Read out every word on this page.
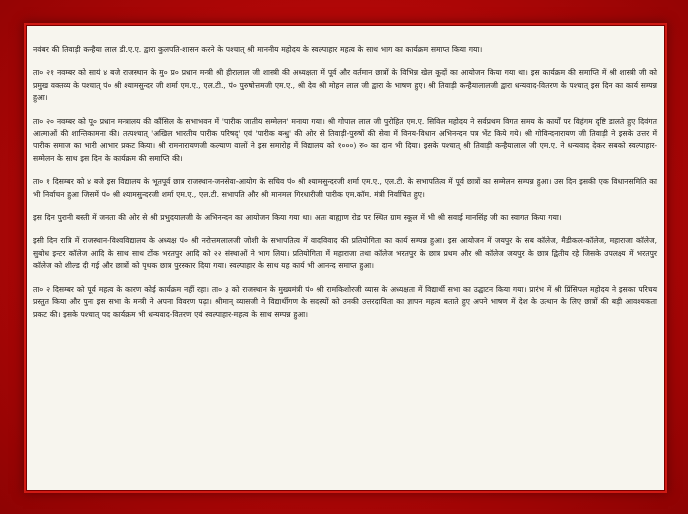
नवंबर की तिवाड़ी कन्हैया लाल डी.ए.ए. द्वारा कुलपति-शासन करने के पश्चात् श्री माननीय महोदय के स्वल्पाहार महत्व के साथ भाग का कार्यक्रम समाप्त किया गया।

ता० २१ नवम्बर को सायं ४ बजे राजस्थान के मु० प्र० प्रधान मन्त्री श्री हीरालाल जी शास्त्री की अध्यक्षता में पूर्व और वर्तमान छात्रों के विभिन्न खेल कूदों का आयोजन किया गया था। इस कार्यक्रम की समाप्ति में श्री शास्त्री जी को प्रमुख वक्तव्य के पश्चात् पं० श्री श्यामसुन्दर जी शर्मा एम.ए., एल.टी., पं० पुरुषोत्तमजी एम.ए., श्री देव श्री मोहन लाल जी द्वारा के भाषण हुए। श्री तिवाड़ी कन्हैयालालजी द्वारा धन्यवाद-वितरण के पश्चात् इस दिन का कार्य सम्पन्न हुआ।

ता० २० नवम्बर को पू० प्रधान मन्त्रालय की कौंसिल के सभाभवन में 'पारीक जातीय सम्मेलन' मनाया गया। श्री गोपाल लाल जी पुरोहित एम.ए. सिविल महोदय ने सर्वप्रथम विगत समय के कार्यों पर विहंगम दृष्टि डालते हुए दिवंगत आत्माओं की शान्तिकामना की। तत्पश्चात् 'अखिल भारतीय पारीक परिषद्' एवं 'पारीक बन्धु' की ओर से तिवाड़ी-पुरुषों की सेवा में विनय-विधान अभिनन्दन पत्र भेंट किये गये। श्री गोविन्दनारायण जी तिवाड़ी ने इसके उत्तर में पारीक समाज का भारी आभार प्रकट किया। श्री रामनारायणजी कल्याण वालों ने इस समारोह में विद्यालय को १०००) रु० का दान भी दिया। इसके पश्चात् श्री तिवाड़ी कन्हैयालाल जी एम.ए. ने धन्यवाद देकर सबको स्वल्पाहार-सम्मेलन के साथ इस दिन के कार्यक्रम की समाप्ति की।

ता० १ दिसम्बर को ४ बजे इस विद्यालय के भूतपूर्व छात्र राजस्थान-जनसेवा-आयोग के सचिव पं० श्री श्यामसुन्दरजी शर्मा एम.ए., एल.टी. के सभापतित्व में पूर्व छात्रों का सम्मेलन सम्पन्न हुआ। उस दिन इसकी एक विधानसमिति का भी निर्वाचन हुआ जिसमें पं० श्री श्यामसुन्दरजी शर्मा एम.ए., एल.टी. सभापति और श्री मानमल गिरधारीजी पारीक एम.कॉम. मंत्री निर्वाचित हुए।

इस दिन पुरानी बस्ती में जनता की ओर से श्री प्रभुदयालजी के अभिनन्दन का आयोजन किया गया था। अतः बाह्याण रोड पर स्थित ग्राम स्कूल में भी श्री सवाई मानसिंह जी का स्वागत किया गया।

इसी दिन रात्रि में राजस्थान-विश्वविद्यालय के अध्यक्ष पं० श्री नरोत्तमलालजी जोशी के सभापतित्व में वादविवाद की प्रतियोगिता का कार्य सम्पन्न हुआ। इस आयोजन में जयपुर के सब कॉलेज, मैडीकल-कॉलेज, महाराजा कॉलेज, सुबोध इन्टर कॉलेज आदि के साथ साथ टोंक भरतपुर आदि को २२ संस्थाओं ने भाग लिया। प्रतियोगिता में महाराजा तथा कॉलेज भरतपुर के छात्र प्रथम और श्री कॉलेज जयपुर के छात्र द्वितीय रहे जिसके उपलक्ष्य में भरतपुर कॉलेज को शील्ड दी गई और छात्रों को पृथक छात्र पुरस्कार दिया गया। स्वल्पाहार के साथ यह कार्य भी आनन्द समाप्त हुआ।

ता० २ दिसम्बर को पूर्व महत्व के कारण कोई कार्यक्रम नहीं रहा। ता० ३ को राजस्थान के मुख्यमंत्री पं० श्री रामकिशोरजी व्यास के अध्यक्षता में विद्यार्थी सभा का उद्घाटन किया गया। प्रारंभ में श्री प्रिंसिपल महोदय ने इसका परिचय प्रस्तुत किया और पुनः इस सभा के मन्त्री ने अपना विवरण पढ़ा। श्रीमान् व्यासजी ने विद्यार्थीगण के सदस्यों को उनकी उत्तरदायिता का ज्ञापन महत्व बताते हुए अपने भाषण में देश के उत्थान के लिए छात्रों की बड़ी आवश्यकता प्रकट की। इसके पश्चात् पद कार्यक्रम भी धन्यवाद-वितरण एवं स्वल्पाहार-महत्व के साथ सम्पन्न हुआ।
